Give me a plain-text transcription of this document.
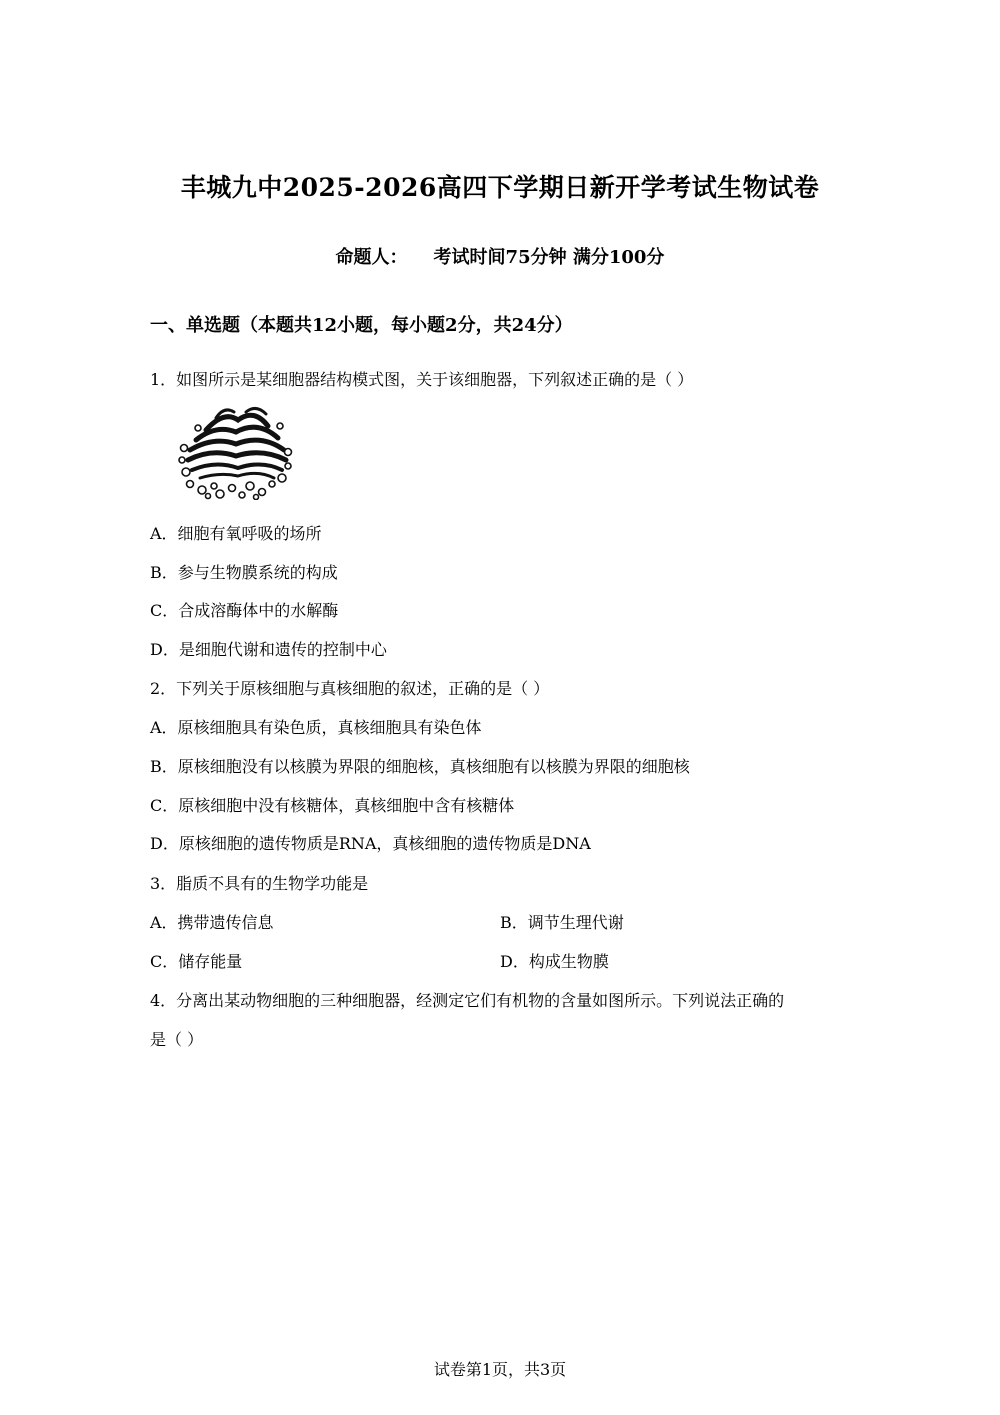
丰城九中2025-2026高四下学期日新开学考试生物试卷
命题人： 考试时间75分钟 满分100分
一、单选题（本题共12小题，每小题2分，共24分）
1．如图所示是某细胞器结构模式图，关于该细胞器，下列叙述正确的是（ ）
A．细胞有氧呼吸的场所
B．参与生物膜系统的构成
C．合成溶酶体中的水解酶
D．是细胞代谢和遗传的控制中心
2．下列关于原核细胞与真核细胞的叙述，正确的是（ ）
A．原核细胞具有染色质，真核细胞具有染色体
B．原核细胞没有以核膜为界限的细胞核，真核细胞有以核膜为界限的细胞核
C．原核细胞中没有核糖体，真核细胞中含有核糖体
D．原核细胞的遗传物质是RNA，真核细胞的遗传物质是DNA
3．脂质不具有的生物学功能是
A．携带遗传信息	B．调节生理代谢
C．储存能量	D．构成生物膜
4．分离出某动物细胞的三种细胞器，经测定它们有机物的含量如图所示。下列说法正确的
是（ ）
试卷第1页，共3页
